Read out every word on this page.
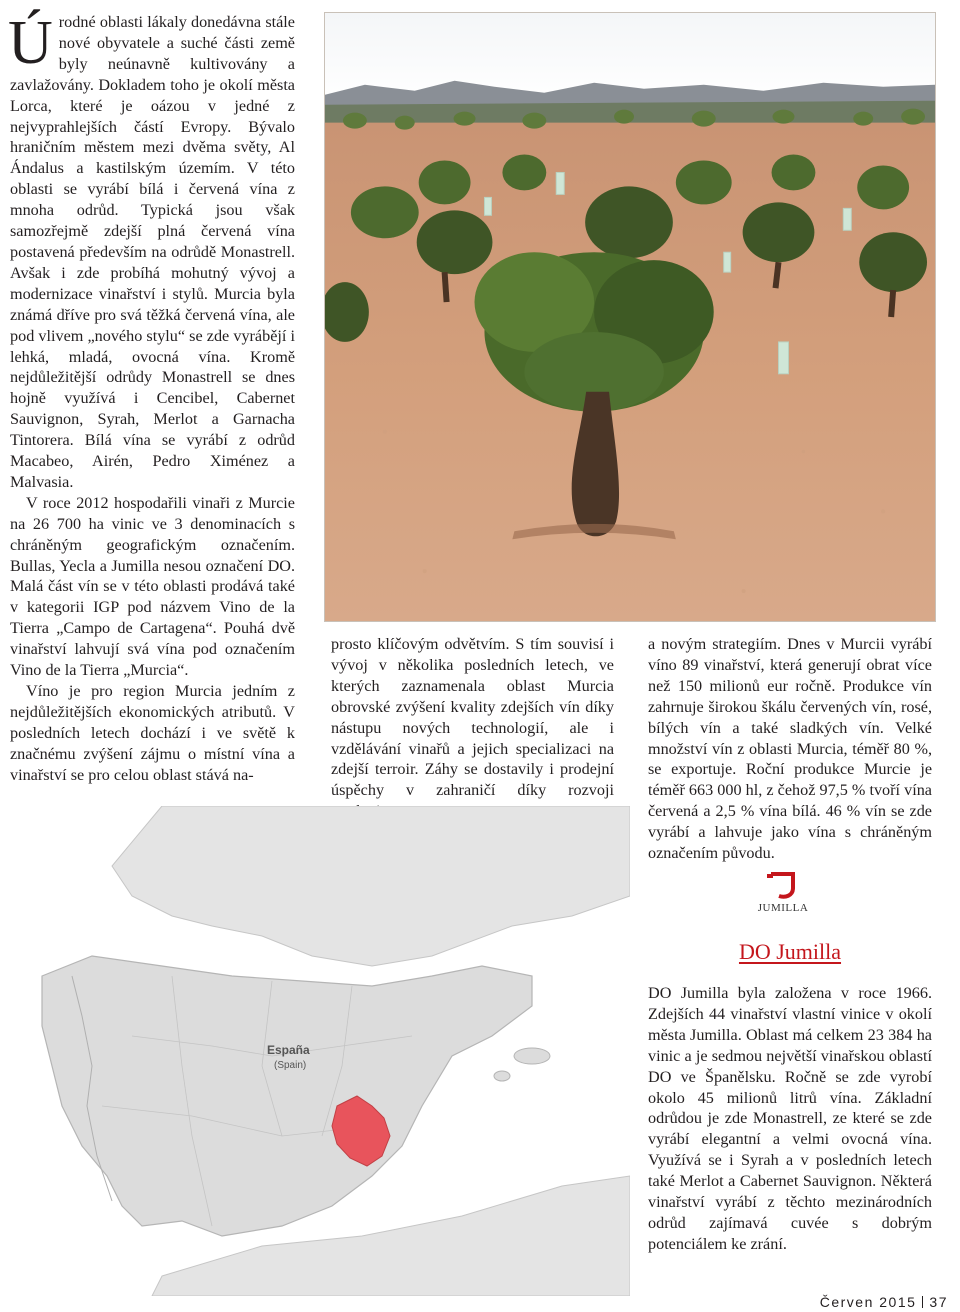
Ú rodné oblasti lákaly donedávna stále nové obyvatele a suché části země byly neúnavně kultivovány a zavlažovány. Dokladem toho je okolí města Lorca, které je oázou v jedné z nejvyprahlejších částí Evropy. Bývalo hraničním městem mezi dvěma světy, Al Ándalus a kastilským územím. V této oblasti se vyrábí bílá i červená vína z mnoha odrůd. Typická jsou však samozřejmě zdejší plná červená vína postavená především na odrůdě Monastrell. Avšak i zde probíhá mohutný vývoj a modernizace vinařství i stylů. Murcia byla známá dříve pro svá těžká červená vína, ale pod vlivem „nového stylu“ se zde vyrábějí i lehká, mladá, ovocná vína. Kromě nejdůležitější odrůdy Monastrell se dnes hojně využívá i Cencibel, Cabernet Sauvignon, Syrah, Merlot a Garnacha Tintorera. Bílá vína se vyrábí z odrůd Macabeo, Airén, Pedro Ximénez a Malvasia.

V roce 2012 hospodařili vinaři z Murcie na 26 700 ha vinic ve 3 denominacích s chráněným geografickým označením. Bullas, Yecla a Jumilla nesou označení DO. Malá část vín se v této oblasti prodává také v kategorii IGP pod názvem Vino de la Tierra „Campo de Cartagena“. Pouhá dvě vinařství lahvují svá vína pod označením Vino de la Tierra „Murcia“.

Víno je pro region Murcia jedním z nejdůležitějších ekonomických atributů. V posledních letech dochází i ve světě k značnému zvýšení zájmu o místní vína a vinařství se pro celou oblast stává na-

prosto klíčovým odvětvím. S tím souvisí i vývoj v několika posledních letech, ve kterých zaznamenala oblast Murcia obrovské zvýšení kvality zdejších vín díky nástupu nových technologií, ale i vzdělávání vinařů a jejich specializaci na zdejší terroir. Záhy se dostavily i prodejní úspěchy v zahraničí díky rozvoji

a novým strategiím. Dnes v Murcii vyrábí víno 89 vinařství, která generují obrat více než 150 milionů eur ročně. Produkce vín zahrnuje širokou škálu červených vín, rosé, bílých vín a také sladkých vín. Velké množství vín z oblasti Murcia, téměř 80 %, se exportuje. Roční produkce Murcie je téměř 663 000 hl, z čehož 97,5 % tvoří vína červená a 2,5 % vína bílá. 46 % vín se zde vyrábí a lahvuje jako vína s chráněným označením původu.

España
(Spain)
JUMILLA
DO Jumilla

DO Jumilla byla založena v roce 1966. Zdejších 44 vinařství vlastní vinice v okolí města Jumilla. Oblast má celkem 23 384 ha vinic a je sedmou největší vinařskou oblastí DO ve Španělsku. Ročně se zde vyrobí okolo 45 milionů litrů vína. Základní odrůdou je zde Monastrell, ze které se zde vyrábí elegantní a velmi ovocná vína. Využívá se i Syrah a v posledních letech také Merlot a Cabernet Sauvignon. Některá vinařství vyrábí z těchto mezinárodních odrůd zajímavá cuvée s dobrým potenciálem ke zrání.

Červen 2015 37
